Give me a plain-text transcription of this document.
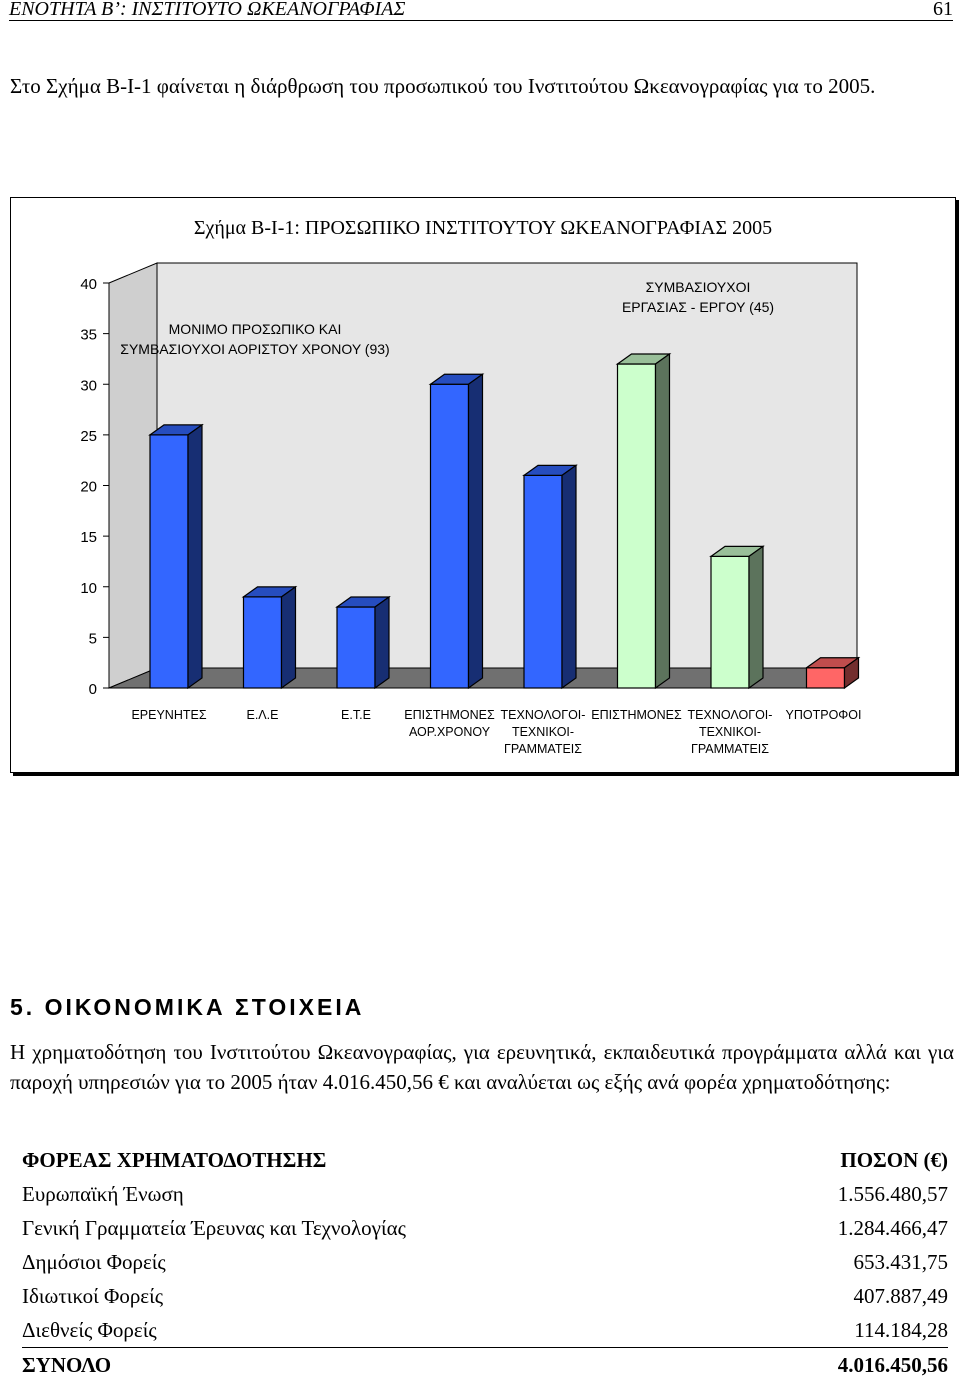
ΕΝΟΤΗΤΑ Β’: ΙΝΣΤΙΤΟΥΤΟ ΩΚΕΑΝΟΓΡΑΦΙΑΣ	61
Στο Σχήμα Β-Ι-1 φαίνεται η διάρθρωση του προσωπικού του Ινστιτούτου Ωκεανογραφίας για το 2005.
Σχήμα Β-Ι-1: ΠΡΟΣΩΠΙΚΟ ΙΝΣΤΙΤΟΥΤΟΥ ΩΚΕΑΝΟΓΡΑΦΙΑΣ 2005
0
5
10
15
20
25
30
35
40
ΕΡΕΥΝΗΤΕΣ	Ε.Λ.Ε	Ε.Τ.Ε	ΕΠΙΣΤΗΜΟΝΕΣ
ΑΟΡ.ΧΡΟΝΟΥ
ΤΕΧΝΟΛΟΓΟΙ-
ΤΕΧΝΙΚΟΙ-
ΓΡΑΜΜΑΤΕΙΣ
ΕΠΙΣΤΗΜΟΝΕΣ ΤΕΧΝΟΛΟΓΟΙ-
ΤΕΧΝΙΚΟΙ-
ΓΡΑΜΜΑΤΕΙΣ
ΥΠΟΤΡΟΦΟΙ
ΜΟΝΙΜΟ ΠΡΟΣΩΠΙΚΟ ΚΑΙ
ΣΥΜΒΑΣΙΟΥΧΟΙ ΑΟΡΙΣΤΟΥ ΧΡΟΝΟΥ (93)
ΣΥΜΒΑΣΙΟΥΧΟΙ
ΕΡΓΑΣΙΑΣ - ΕΡΓΟΥ (45)
5. ΟΙΚΟΝΟΜΙΚΑ ΣΤΟΙΧΕΙΑ
Η χρηματοδότηση του Ινστιτούτου Ωκεανογραφίας, για ερευνητικά, εκπαιδευτικά προγράμματα αλλά και για παροχή υπηρεσιών για το 2005 ήταν 4.016.450,56 € και αναλύεται ως εξής ανά φορέα χρηματοδότησης:
ΦΟΡΕΑΣ ΧΡΗΜΑΤΟΔΟΤΗΣΗΣ	ΠΟΣΟΝ (€)
Ευρωπαϊκή Ένωση	1.556.480,57
Γενική Γραμματεία Έρευνας και Τεχνολογίας	1.284.466,47
Δημόσιοι Φορείς	653.431,75
Ιδιωτικοί Φορείς	407.887,49
Διεθνείς Φορείς	114.184,28
ΣΥΝΟΛΟ	4.016.450,56
